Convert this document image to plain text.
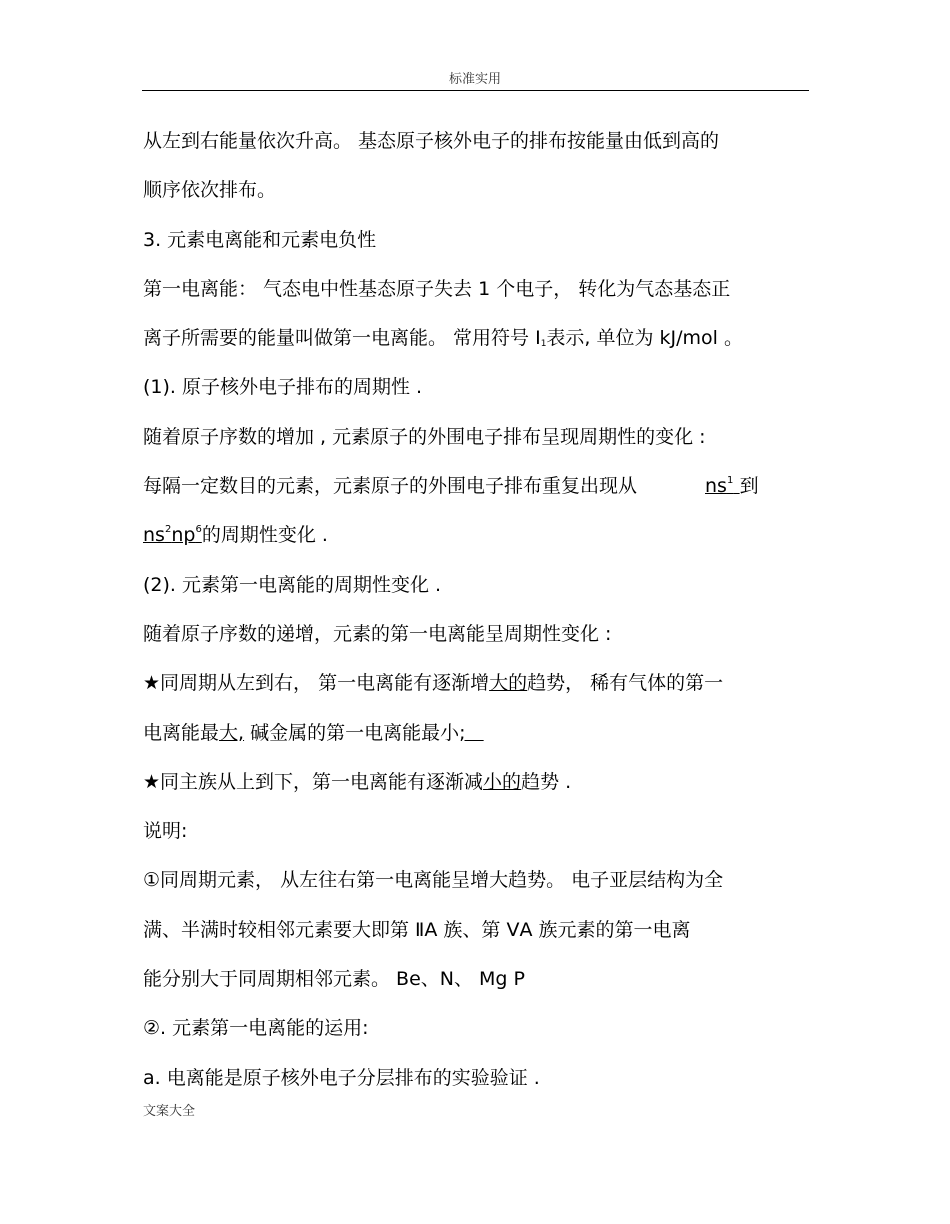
标准实用
从左到右能量依次升高。 基态原子核外电子的排布按能量由低到高的
顺序依次排布。
3. 元素电离能和元素电负性
第一电离能： 气态电中性基态原子失去 1 个电子， 转化为气态基态正
离子所需要的能量叫做第一电离能。 常用符号 $I_1$表示, 单位为 kJ/mol 。
(1). 原子核外电子排布的周期性 .
随着原子序数的增加 , 元素原子的外围电子排布呈现周期性的变化 :
每隔一定数目的元素，元素原子的外围电子排布重复出现从	$ns^1$  到
$ns^2np^6$的周期性变化 .
(2). 元素第一电离能的周期性变化 .
随着原子序数的递增，元素的第一电离能呈周期性变化 :
★同周期从左到右， 第一电离能有逐渐增大的趋势， 稀有气体的第一
电离能最大, 碱金属的第一电离能最小;
★同主族从上到下，第一电离能有逐渐减小的趋势 .
说明:
①同周期元素， 从左往右第一电离能呈增大趋势。 电子亚层结构为全
满、半满时较相邻元素要大即第 ⅡA 族、第 ⅤA 族元素的第一电离
能分别大于同周期相邻元素。 Be、N、 Mg P
②. 元素第一电离能的运用:
a. 电离能是原子核外电子分层排布的实验验证 .
文案大全
